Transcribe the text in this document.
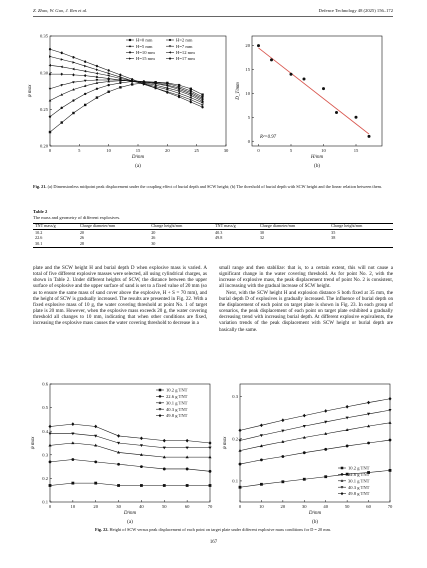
Z. Zhao, W. Guo, J. Ren et al.	Defence Technology 48 (2025) 156–172
0	5	10	15	20	25	30
0.20
0.25
0.30
0.35
D/mm
ψ max
H=0 mm	H=2 mm
H=5 mm	H=7 mm
H=10 mm	H=12 mm
H=15 mm	H=17 mm
(a)
0	5	10	15
0
5
10
15
20
H/mm
D_T/mm
R²=0.97
(b)
Fig. 21. (a) Dimensionless midpoint peak displacement under the coupling effect of burial depth and SCW height; (b) The threshold of burial depth with SCW height and the linear relation between them.
Table 2
The mass and geometry of different explosives.
TNT mass/g	Charge diameter/mm	Charge height/mm	TNT mass/g	Charge diameter/mm	Charge height/mm
10.2	20	20	40.3	30	35
22.6	26	26	49.8	32	38
30.1	28	30			

plate and the SCW height H and burial depth D when explosive mass is varied. A total of five different explosive masses were selected, all using cylindrical charges, as shown in Table 2. Under different heights of SCW, the distance between the upper surface of explosive and the upper surface of sand is set to a fixed value of 20 mm (so as to ensure the same mass of sand cover above the explosive, H + S = 70 mm), and the height of SCW is gradually increased. The results are presented in Fig. 22. With a fixed explosive mass of 10 g, the water covering threshold at point No. 1 of target plate is 20 mm. However, when the explosive mass exceeds 20 g, the water covering threshold all changes to 10 mm, indicating that when other conditions are fixed, increasing the explosive mass causes the water covering threshold to decrease in a

small range and then stabilize: that is, to a certain extent, this will not cause a significant change in the water covering threshold. As for point No. 2, with the increase of explosive mass, the peak displacement trend of point No. 2 is consistent, all increasing with the gradual increase of SCW height.

Next, with the SCW height H and explosion distance S both fixed at 35 mm, the burial depth D of explosives is gradually increased. The influence of burial depth on the displacement of each point on target plate is shown in Fig. 23. In each group of scenarios, the peak displacement of each point on target plate exhibited a gradually decreasing trend with increasing burial depth. At different explosive equivalents, the variation trends of the peak displacement with SCW height or burial depth are basically the same.

0	10	20	30	40	50	60	70
0.1
0.2
0.3
0.4
0.5
0.6
D/mm
ψ max
10.2 g TNT
22.6 g TNT
30.1 g TNT
40.3 g TNT
49.8 g TNT
(a)
0	10	20	30	40	50	60	70
0.1
0.2
0.3
D/mm
ψ max
10.2 g TNT
22.6 g TNT
30.1 g TNT
40.3 g TNT
49.8 g TNT
(b)
Fig. 22. Height of SCW versus peak displacement of each point on target plate under different explosive mass conditions for D = 20 mm.
167
